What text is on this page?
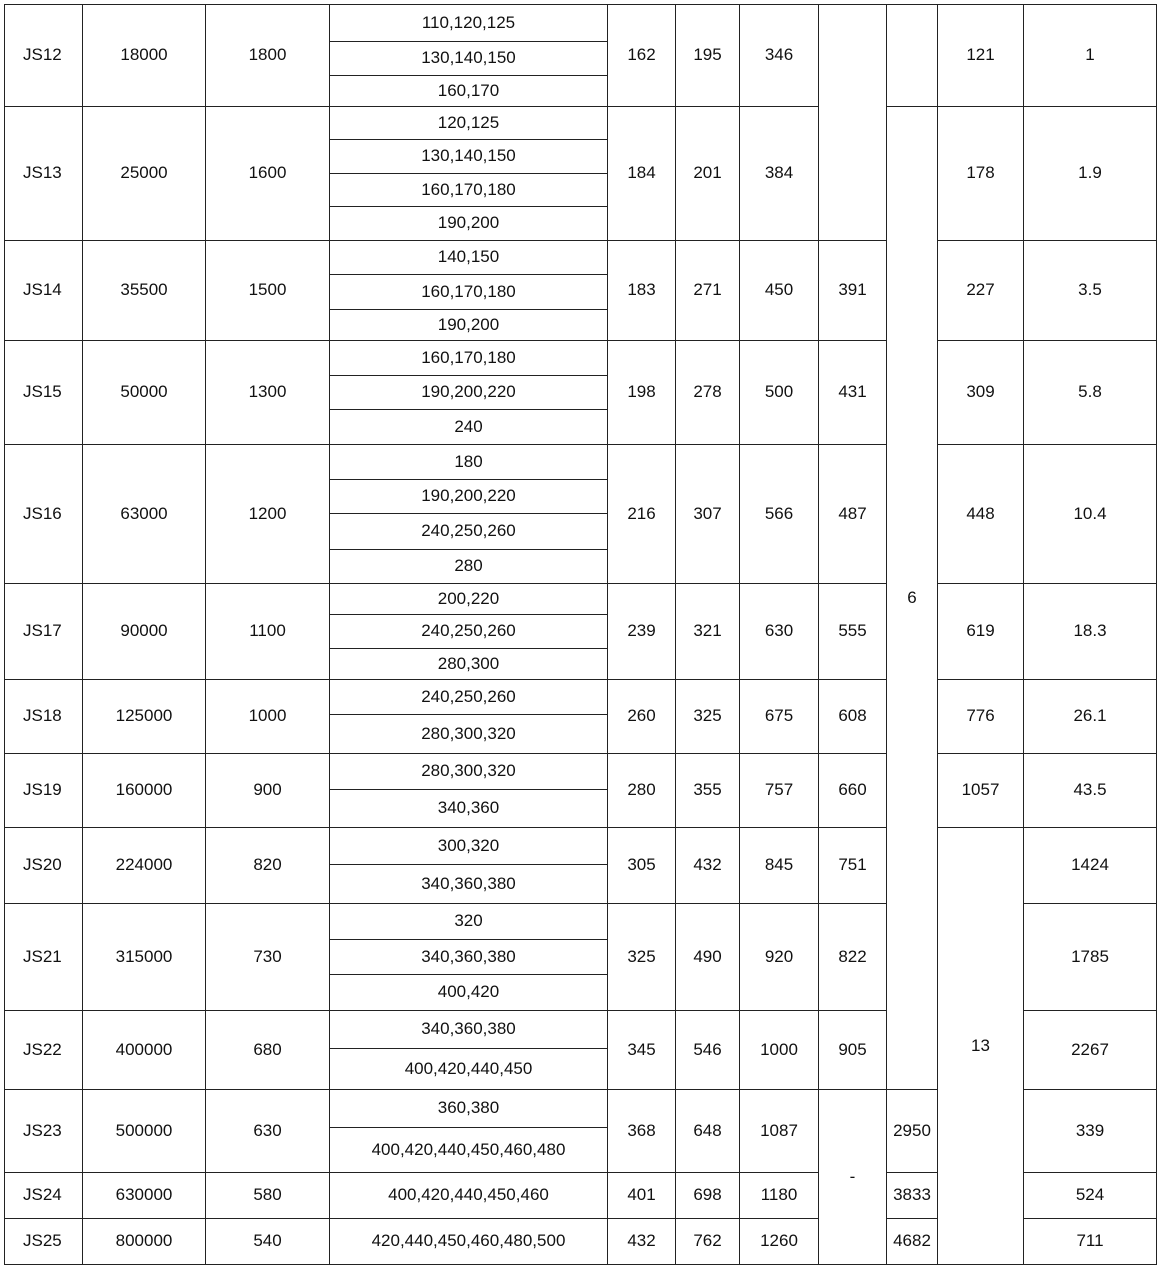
JS12	18000	1800	110,120,125	162	195	346			121	1	
			130,140,150								
			160,170								
JS13	25000	1600	120,125	184	201	384		6	178	1.9	
			130,140,150								
			160,170,180								
			190,200								
JS14	35500	1500	140,150	183	271	450	391		227	3.5	
			160,170,180								
			190,200								
JS15	50000	1300	160,170,180	198	278	500	431		309	5.8	
			190,200,220								
			240								
JS16	63000	1200	180	216	307	566	487		448	10.4	
			190,200,220								
			240,250,260								
			280								
JS17	90000	1100	200,220	239	321	630	555		619	18.3	
			240,250,260								
			280,300								
JS18	125000	1000	240,250,260	260	325	675	608		776	26.1	
			280,300,320								
JS19	160000	900	280,300,320	280	355	757	660		1057	43.5	
			340,360								
JS20	224000	820	300,320	305	432	845	751		13	1424	
			340,360,380								
JS21	315000	730	320	325	490	920	822			1785	
			340,360,380								
			400,420								
JS22	400000	680	340,360,380	345	546	1000	905			2267	
			400,420,440,450								
JS23	500000	630	360,380	368	648	1087	-	2950		339	
			400,420,440,450,460,480								
JS24	630000	580	400,420,440,450,460	401	698	1180		3833		524	
JS25	800000	540	420,440,450,460,480,500	432	762	1260		4682		711	
